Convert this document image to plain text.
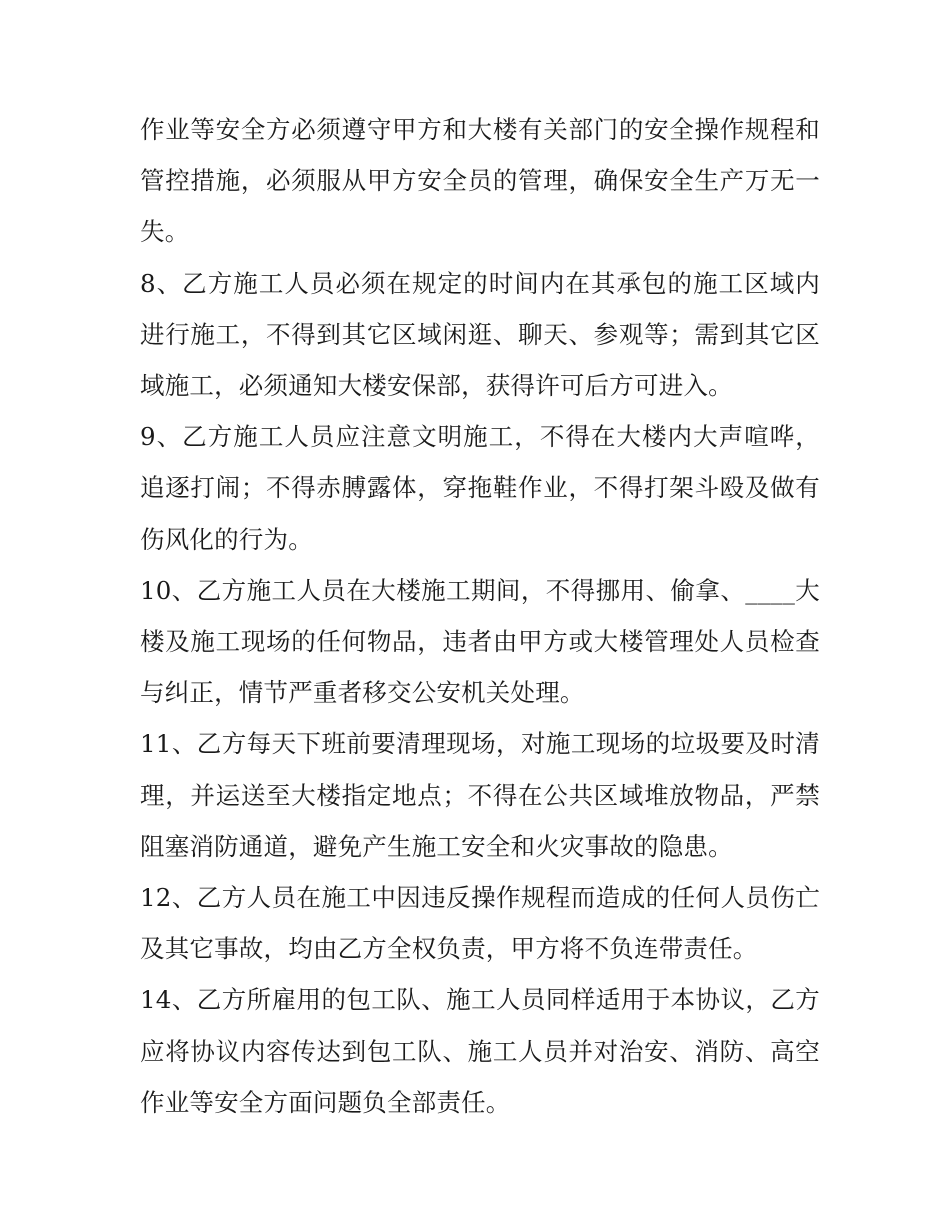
作业等安全方必须遵守甲方和大楼有关部门的安全操作规程和管控措施，必须服从甲方安全员的管理，确保安全生产万无一失。

8、乙方施工人员必须在规定的时间内在其承包的施工区域内进行施工，不得到其它区域闲逛、聊天、参观等；需到其它区域施工，必须通知大楼安保部，获得许可后方可进入。

9、乙方施工人员应注意文明施工，不得在大楼内大声喧哗，追逐打闹；不得赤膊露体，穿拖鞋作业，不得打架斗殴及做有伤风化的行为。

10、乙方施工人员在大楼施工期间，不得挪用、偷拿、____大楼及施工现场的任何物品，违者由甲方或大楼管理处人员检查与纠正，情节严重者移交公安机关处理。

11、乙方每天下班前要清理现场，对施工现场的垃圾要及时清理，并运送至大楼指定地点；不得在公共区域堆放物品，严禁阻塞消防通道，避免产生施工安全和火灾事故的隐患。

12、乙方人员在施工中因违反操作规程而造成的任何人员伤亡及其它事故，均由乙方全权负责，甲方将不负连带责任。

14、乙方所雇用的包工队、施工人员同样适用于本协议，乙方应将协议内容传达到包工队、施工人员并对治安、消防、高空作业等安全方面问题负全部责任。
